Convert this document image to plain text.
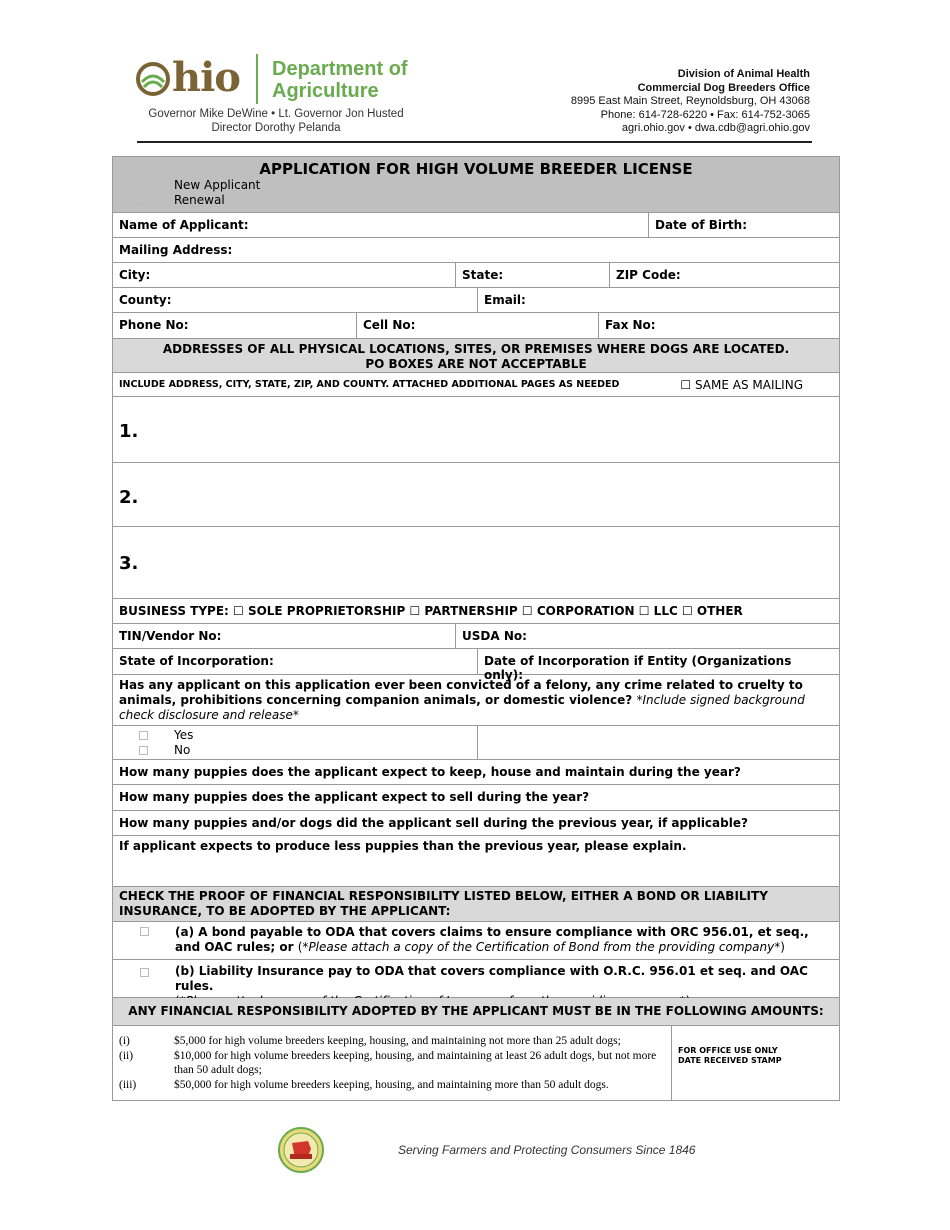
hio Department of
Agriculture
Governor Mike DeWine • Lt. Governor Jon Husted
Director Dorothy Pelanda
Division of Animal Health
Commercial Dog Breeders Office
8995 East Main Street, Reynoldsburg, OH 43068
Phone: 614-728-6220 • Fax: 614-752-3065
agri.ohio.gov • dwa.cdb@agri.ohio.gov
APPLICATION FOR HIGH VOLUME BREEDER LICENSE
New Applicant
Renewal
Name of Applicant:	Date of Birth:
Mailing Address:
City:	State:	ZIP Code:
County:	Email:
Phone No:	Cell No:	Fax No:
ADDRESSES OF ALL PHYSICAL LOCATIONS, SITES, OR PREMISES WHERE DOGS ARE LOCATED.
PO BOXES ARE NOT ACCEPTABLE
INCLUDE ADDRESS, CITY, STATE, ZIP, AND COUNTY. ATTACHED ADDITIONAL PAGES AS NEEDED	☐ SAME AS MAILING
1.
2.
3.
BUSINESS TYPE: ☐ SOLE PROPRIETORSHIP ☐ PARTNERSHIP ☐ CORPORATION ☐ LLC ☐ OTHER
TIN/Vendor No:	USDA No:
State of Incorporation:	Date of Incorporation if Entity (Organizations only):
Has any applicant on this application ever been convicted of a felony, any crime related to cruelty to animals, prohibitions concerning companion animals, or domestic violence? *Include signed background check disclosure and release*
Yes
No
How many puppies does the applicant expect to keep, house and maintain during the year?
How many puppies does the applicant expect to sell during the year?
How many puppies and/or dogs did the applicant sell during the previous year, if applicable?
If applicant expects to produce less puppies than the previous year, please explain.
CHECK THE PROOF OF FINANCIAL RESPONSIBILITY LISTED BELOW, EITHER A BOND OR LIABILITY INSURANCE, TO BE ADOPTED BY THE APPLICANT:
(a) A bond payable to ODA that covers claims to ensure compliance with ORC 956.01, et seq., and OAC rules; or (*Please attach a copy of the Certification of Bond from the providing company*)
(b) Liability Insurance pay to ODA that covers compliance with O.R.C. 956.01 et seq. and OAC rules.

ANY FINANCIAL RESPONSIBILITY ADOPTED BY THE APPLICANT MUST BE IN THE FOLLOWING AMOUNTS:
(i)	$5,000 for high volume breeders keeping, housing, and maintaining not more than 25 adult dogs;
(ii)	$10,000 for high volume breeders keeping, housing, and maintaining at least 26 adult dogs, but not more than 50 adult dogs;
(iii)	$50,000 for high volume breeders keeping, housing, and maintaining more than 50 adult dogs.
FOR OFFICE USE ONLY
DATE RECEIVED STAMP
Serving Farmers and Protecting Consumers Since 1846
